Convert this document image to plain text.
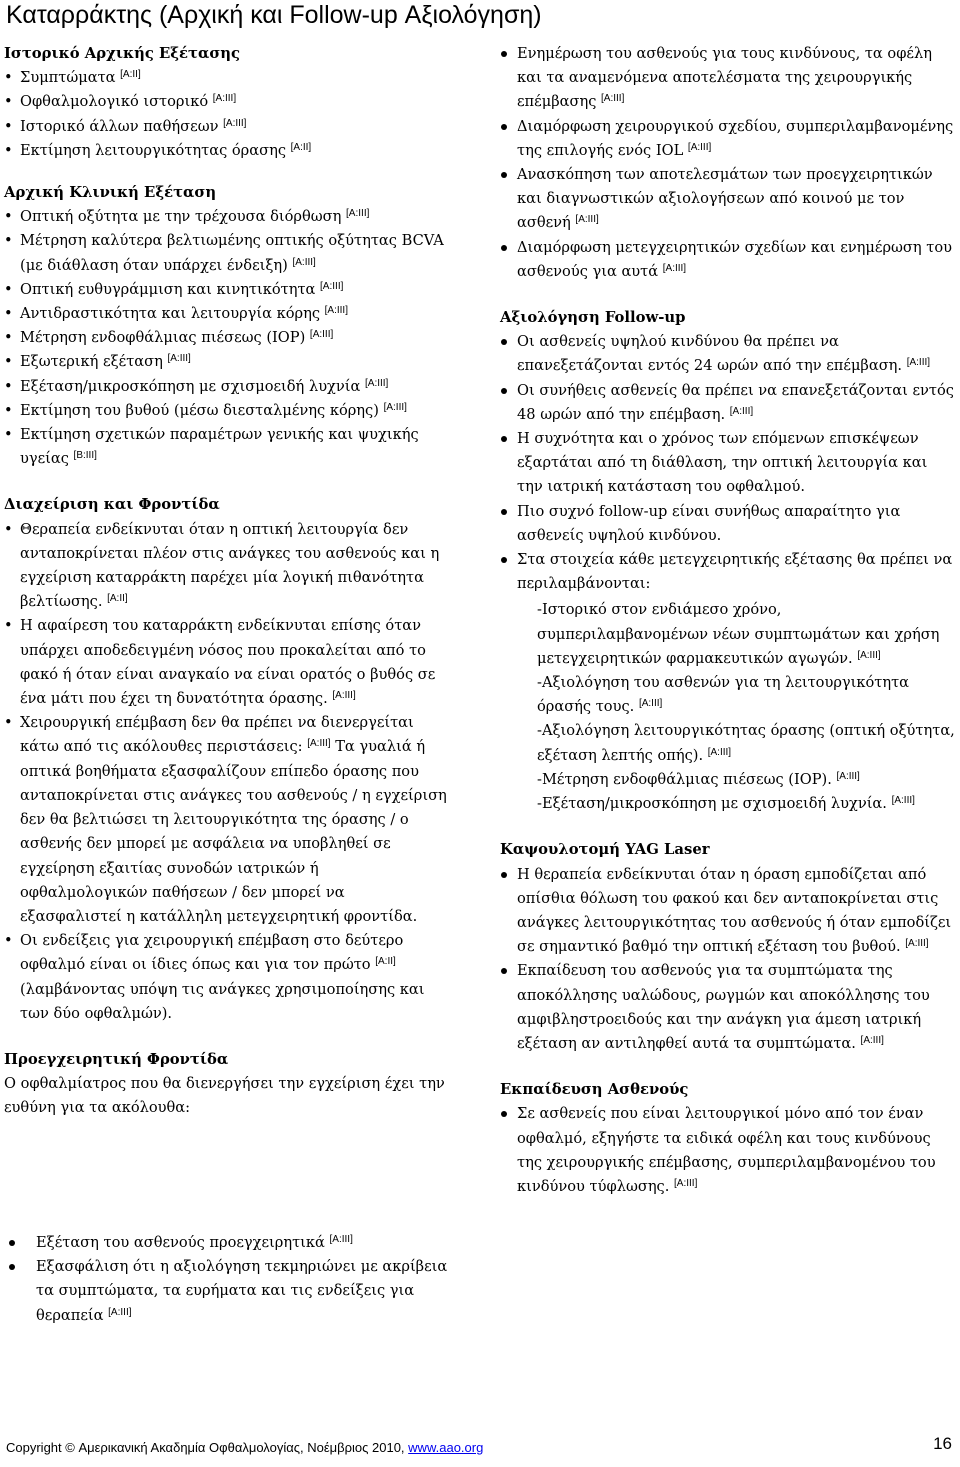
Καταρράκτης (Αρχική και Follow-up Αξιολόγηση)
Ιστορικό Αρχικής Εξέτασης
• Συμπτώματα [A:II]
• Οφθαλμολογικό ιστορικό [A:III]
• Ιστορικό άλλων παθήσεων [A:III]
• Εκτίμηση λειτουργικότητας όρασης [A:II]
Αρχική Κλινική Εξέταση
• Οπτική οξύτητα με την τρέχουσα διόρθωση [A:III]
• Μέτρηση καλύτερα βελτιωμένης οπτικής οξύτητας BCVA (με διάθλαση όταν υπάρχει ένδειξη) [A:III]
• Οπτική ευθυγράμμιση και κινητικότητα [A:III]
• Αντιδραστικότητα και λειτουργία κόρης [A:III]
• Μέτρηση ενδοφθάλμιας πιέσεως (IOP) [A:III]
• Εξωτερική εξέταση [A:III]
• Εξέταση/μικροσκόπηση με σχισμοειδή λυχνία [A:III]
• Εκτίμηση του βυθού (μέσω διεσταλμένης κόρης) [A:III]
• Εκτίμηση σχετικών παραμέτρων γενικής και ψυχικής υγείας [B:III]
Διαχείριση και Φροντίδα
• Θεραπεία ενδείκνυται όταν η οπτική λειτουργία δεν ανταποκρίνεται πλέον στις ανάγκες του ασθενούς και η εγχείριση καταρράκτη παρέχει μία λογική πιθανότητα βελτίωσης. [A:II]
• Η αφαίρεση του καταρράκτη ενδείκνυται επίσης όταν υπάρχει αποδεδειγμένη νόσος που προκαλείται από το φακό ή όταν είναι αναγκαίο να είναι ορατός ο βυθός σε ένα μάτι που έχει τη δυνατότητα όρασης. [A:III]
• Χειρουργική επέμβαση δεν θα πρέπει να διενεργείται κάτω από τις ακόλουθες περιστάσεις: [A:III] Τα γυαλιά ή οπτικά βοηθήματα εξασφαλίζουν επίπεδο όρασης που ανταποκρίνεται στις ανάγκες του ασθενούς / η εγχείριση δεν θα βελτιώσει τη λειτουργικότητα της όρασης / ο ασθενής δεν μπορεί με ασφάλεια να υποβληθεί σε εγχείρηση εξαιτίας συνοδών ιατρικών ή οφθαλμολογικών παθήσεων / δεν μπορεί να εξασφαλιστεί η κατάλληλη μετεγχειρητική φροντίδα.
• Οι ενδείξεις για χειρουργική επέμβαση στο δεύτερο οφθαλμό είναι οι ίδιες όπως και για τον πρώτο [A:II] (λαμβάνοντας υπόψη τις ανάγκες χρησιμοποίησης και των δύο οφθαλμών).
Προεγχειρητική Φροντίδα

Ο οφθαλμίατρος που θα διενεργήσει την εγχείριση έχει την ευθύνη για τα ακόλουθα:

Εξέταση του ασθενούς προεγχειρητικά [A:III]
Εξασφάλιση ότι η αξιολόγηση τεκμηριώνει με ακρίβεια τα συμπτώματα, τα ευρήματα και τις ενδείξεις για θεραπεία [A:III]
Ενημέρωση του ασθενούς για τους κινδύνους, τα οφέλη και τα αναμενόμενα αποτελέσματα της χειρουργικής επέμβασης [A:III]
Διαμόρφωση χειρουργικού σχεδίου, συμπεριλαμβανομένης της επιλογής ενός IOL [A:III]
Ανασκόπηση των αποτελεσμάτων των προεγχειρητικών και διαγνωστικών αξιολογήσεων από κοινού με τον ασθενή [A:III]
Διαμόρφωση μετεγχειρητικών σχεδίων και ενημέρωση του ασθενούς για αυτά [A:III]
Αξιολόγηση Follow-up
Οι ασθενείς υψηλού κινδύνου θα πρέπει να επανεξετάζονται εντός 24 ωρών από την επέμβαση. [A:III]
Οι συνήθεις ασθενείς θα πρέπει να επανεξετάζονται εντός 48 ωρών από την επέμβαση. [A:III]
Η συχνότητα και ο χρόνος των επόμενων επισκέψεων εξαρτάται από τη διάθλαση, την οπτική λειτουργία και την ιατρική κατάσταση του οφθαλμού.
Πιο συχνό follow-up είναι συνήθως απαραίτητο για ασθενείς υψηλού κινδύνου.
Στα στοιχεία κάθε μετεγχειρητικής εξέτασης θα πρέπει να περιλαμβάνονται:
- Ιστορικό στον ενδιάμεσο χρόνο, συμπεριλαμβανομένων νέων συμπτωμάτων και χρήση μετεγχειρητικών φαρμακευτικών αγωγών. [A:III]
- Αξιολόγηση του ασθενών για τη λειτουργικότητα όρασής τους. [A:III]
- Αξιολόγηση λειτουργικότητας όρασης (οπτική οξύτητα, εξέταση λεπτής οπής). [A:III]
- Μέτρηση ενδοφθάλμιας πιέσεως (IOP). [A:III]
- Εξέταση/μικροσκόπηση με σχισμοειδή λυχνία. [A:III]
Καψουλοτομή YAG Laser
Η θεραπεία ενδείκνυται όταν η όραση εμποδίζεται από οπίσθια θόλωση του φακού και δεν ανταποκρίνεται στις ανάγκες λειτουργικότητας του ασθενούς ή όταν εμποδίζει σε σημαντικό βαθμό την οπτική εξέταση του βυθού. [A:III]
Εκπαίδευση του ασθενούς για τα συμπτώματα της αποκόλλησης υαλώδους, ρωγμών και αποκόλλησης του αμφιβληστροειδούς και την ανάγκη για άμεση ιατρική εξέταση αν αντιληφθεί αυτά τα συμπτώματα. [A:III]
Εκπαίδευση Ασθενούς
Σε ασθενείς που είναι λειτουργικοί μόνο από τον έναν οφθαλμό, εξηγήστε τα ειδικά οφέλη και τους κινδύνους της χειρουργικής επέμβασης, συμπεριλαμβανομένου του κινδύνου τύφλωσης. [A:III]
Copyright © Αμερικανική Ακαδημία Οφθαλμολογίας, Νοέμβριος 2010, www.aao.org	16
